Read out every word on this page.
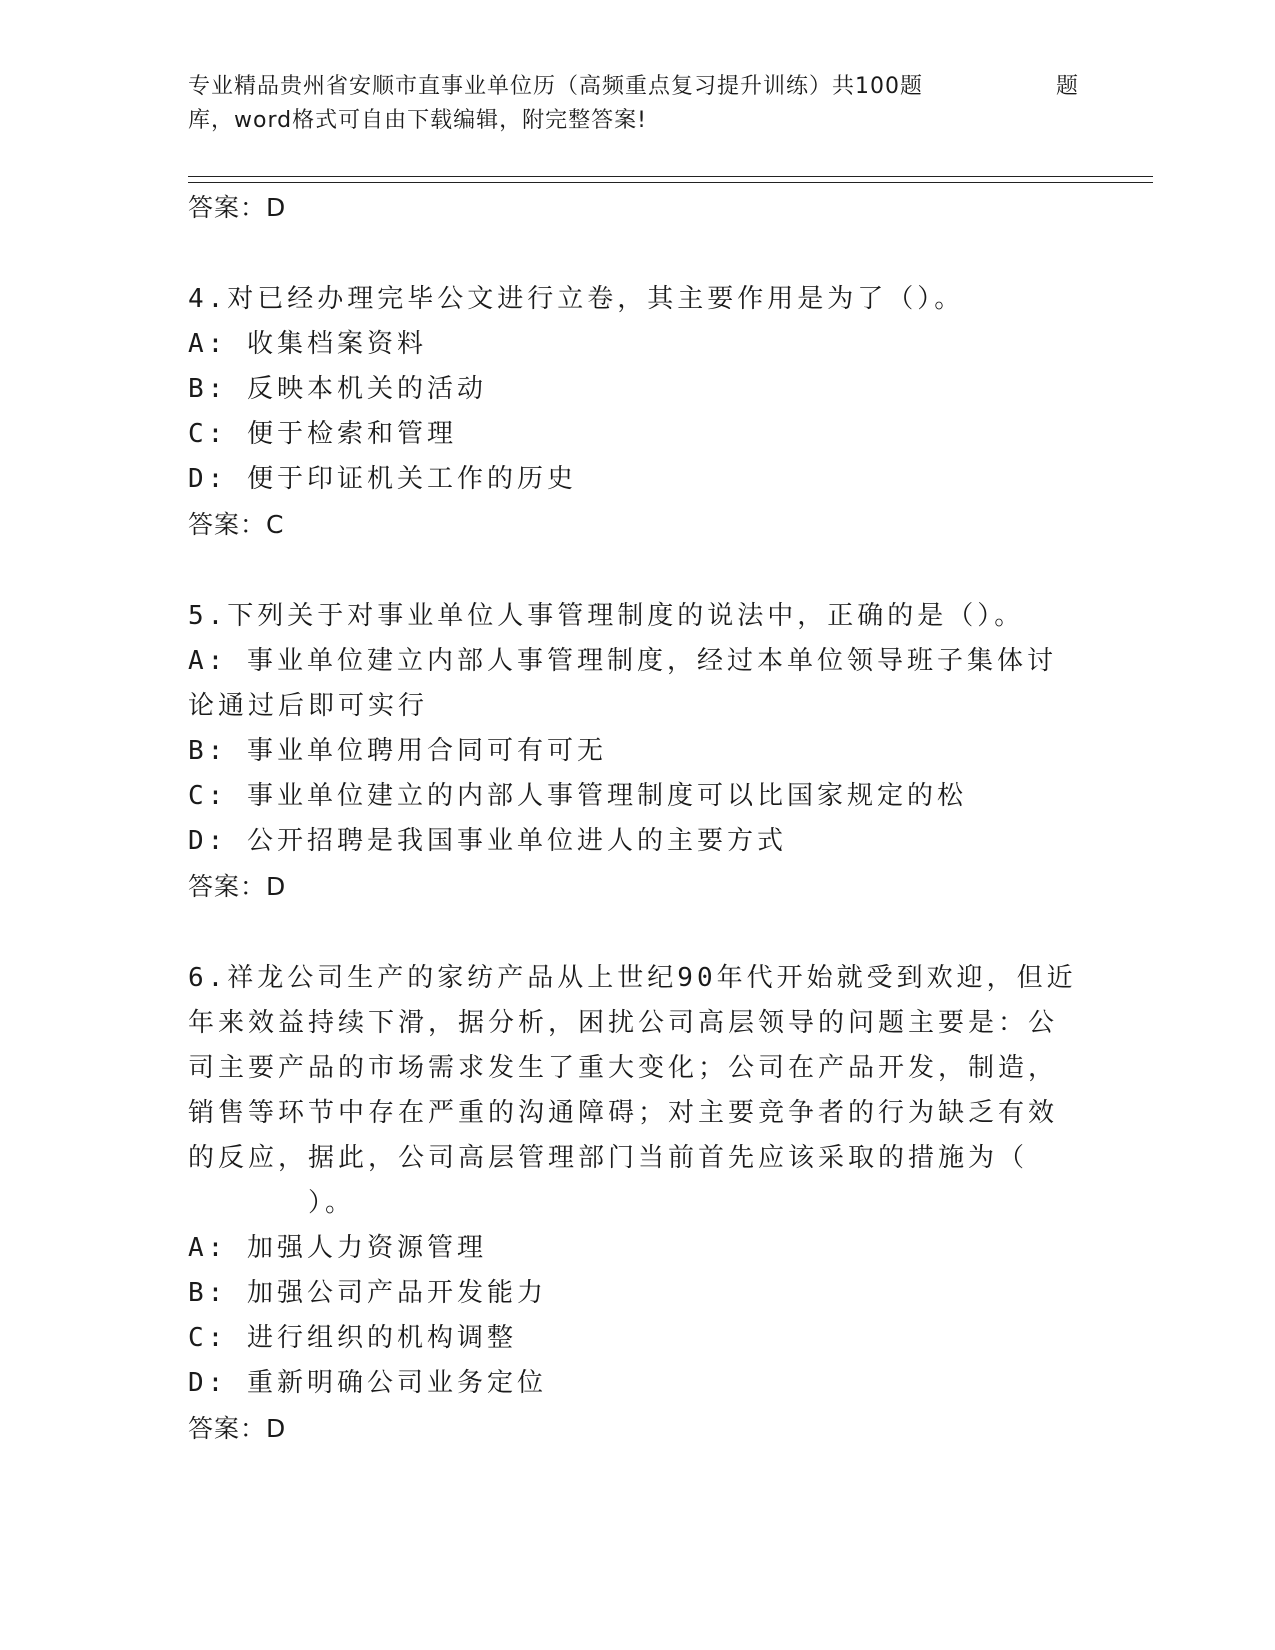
专业精品贵州省安顺市直事业单位历（高频重点复习提升训练）共100题	题
库，word格式可自由下载编辑，附完整答案!
答案：D
4.对已经办理完毕公文进行立卷，其主要作用是为了（）。
A: 收集档案资料
B: 反映本机关的活动
C: 便于检索和管理
D: 便于印证机关工作的历史
答案：C
5.下列关于对事业单位人事管理制度的说法中，正确的是（）。
A: 事业单位建立内部人事管理制度，经过本单位领导班子集体讨论通过后即可实行
B: 事业单位聘用合同可有可无
C: 事业单位建立的内部人事管理制度可以比国家规定的松
D: 公开招聘是我国事业单位进人的主要方式
答案：D
6.祥龙公司生产的家纺产品从上世纪90年代开始就受到欢迎，但近年来效益持续下滑，据分析，困扰公司高层领导的问题主要是：公司主要产品的市场需求发生了重大变化；公司在产品开发，制造，销售等环节中存在严重的沟通障碍；对主要竞争者的行为缺乏有效的反应，据此，公司高层管理部门当前首先应该采取的措施为（）。
A: 加强人力资源管理
B: 加强公司产品开发能力
C: 进行组织的机构调整
D: 重新明确公司业务定位
答案：D
